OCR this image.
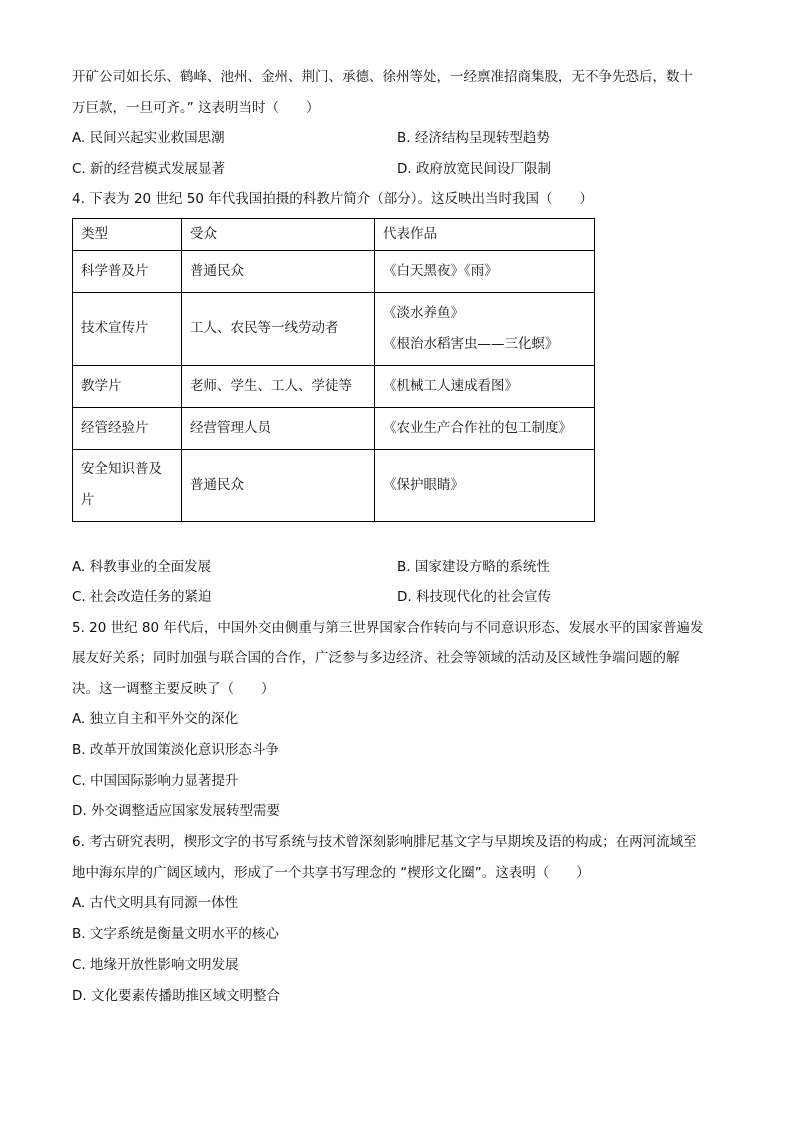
开矿公司如长乐、鹤峰、池州、金州、荆门、承德、徐州等处，一经禀准招商集股，无不争先恐后，数十
万巨款，一旦可齐。” 这表明当时（　　）
A. 民间兴起实业救国思潮	B. 经济结构呈现转型趋势
C. 新的经营模式发展显著	D. 政府放宽民间设厂限制
4. 下表为 20 世纪 50 年代我国拍摄的科教片简介（部分）。这反映出当时我国（　　）
类型	受众	代表作品
科学普及片	普通民众	《白天黑夜》《雨》
技术宣传片	工人、农民等一线劳动者	《淡水养鱼》
《根治水稻害虫——三化螟》

教学片	老师、学生、工人、学徒等	《机械工人速成看图》
经管经验片	经营管理人员	《农业生产合作社的包工制度》

安全知识普及
片	普通民众	《保护眼睛》
A. 科教事业的全面发展	B. 国家建设方略的系统性
C. 社会改造任务的紧迫	D. 科技现代化的社会宣传
5. 20 世纪 80 年代后，中国外交由侧重与第三世界国家合作转向与不同意识形态、发展水平的国家普遍发
展友好关系；同时加强与联合国的合作，广泛参与多边经济、社会等领域的活动及区域性争端问题的解
决。这一调整主要反映了（　　）
A. 独立自主和平外交的深化
B. 改革开放国策淡化意识形态斗争
C. 中国国际影响力显著提升
D. 外交调整适应国家发展转型需要
6. 考古研究表明，楔形文字的书写系统与技术曾深刻影响腓尼基文字与早期埃及语的构成；在两河流域至
地中海东岸的广阔区域内，形成了一个共享书写理念的 “楔形文化圈”。这表明（　　）
A. 古代文明具有同源一体性
B. 文字系统是衡量文明水平的核心
C. 地缘开放性影响文明发展
D. 文化要素传播助推区域文明整合
